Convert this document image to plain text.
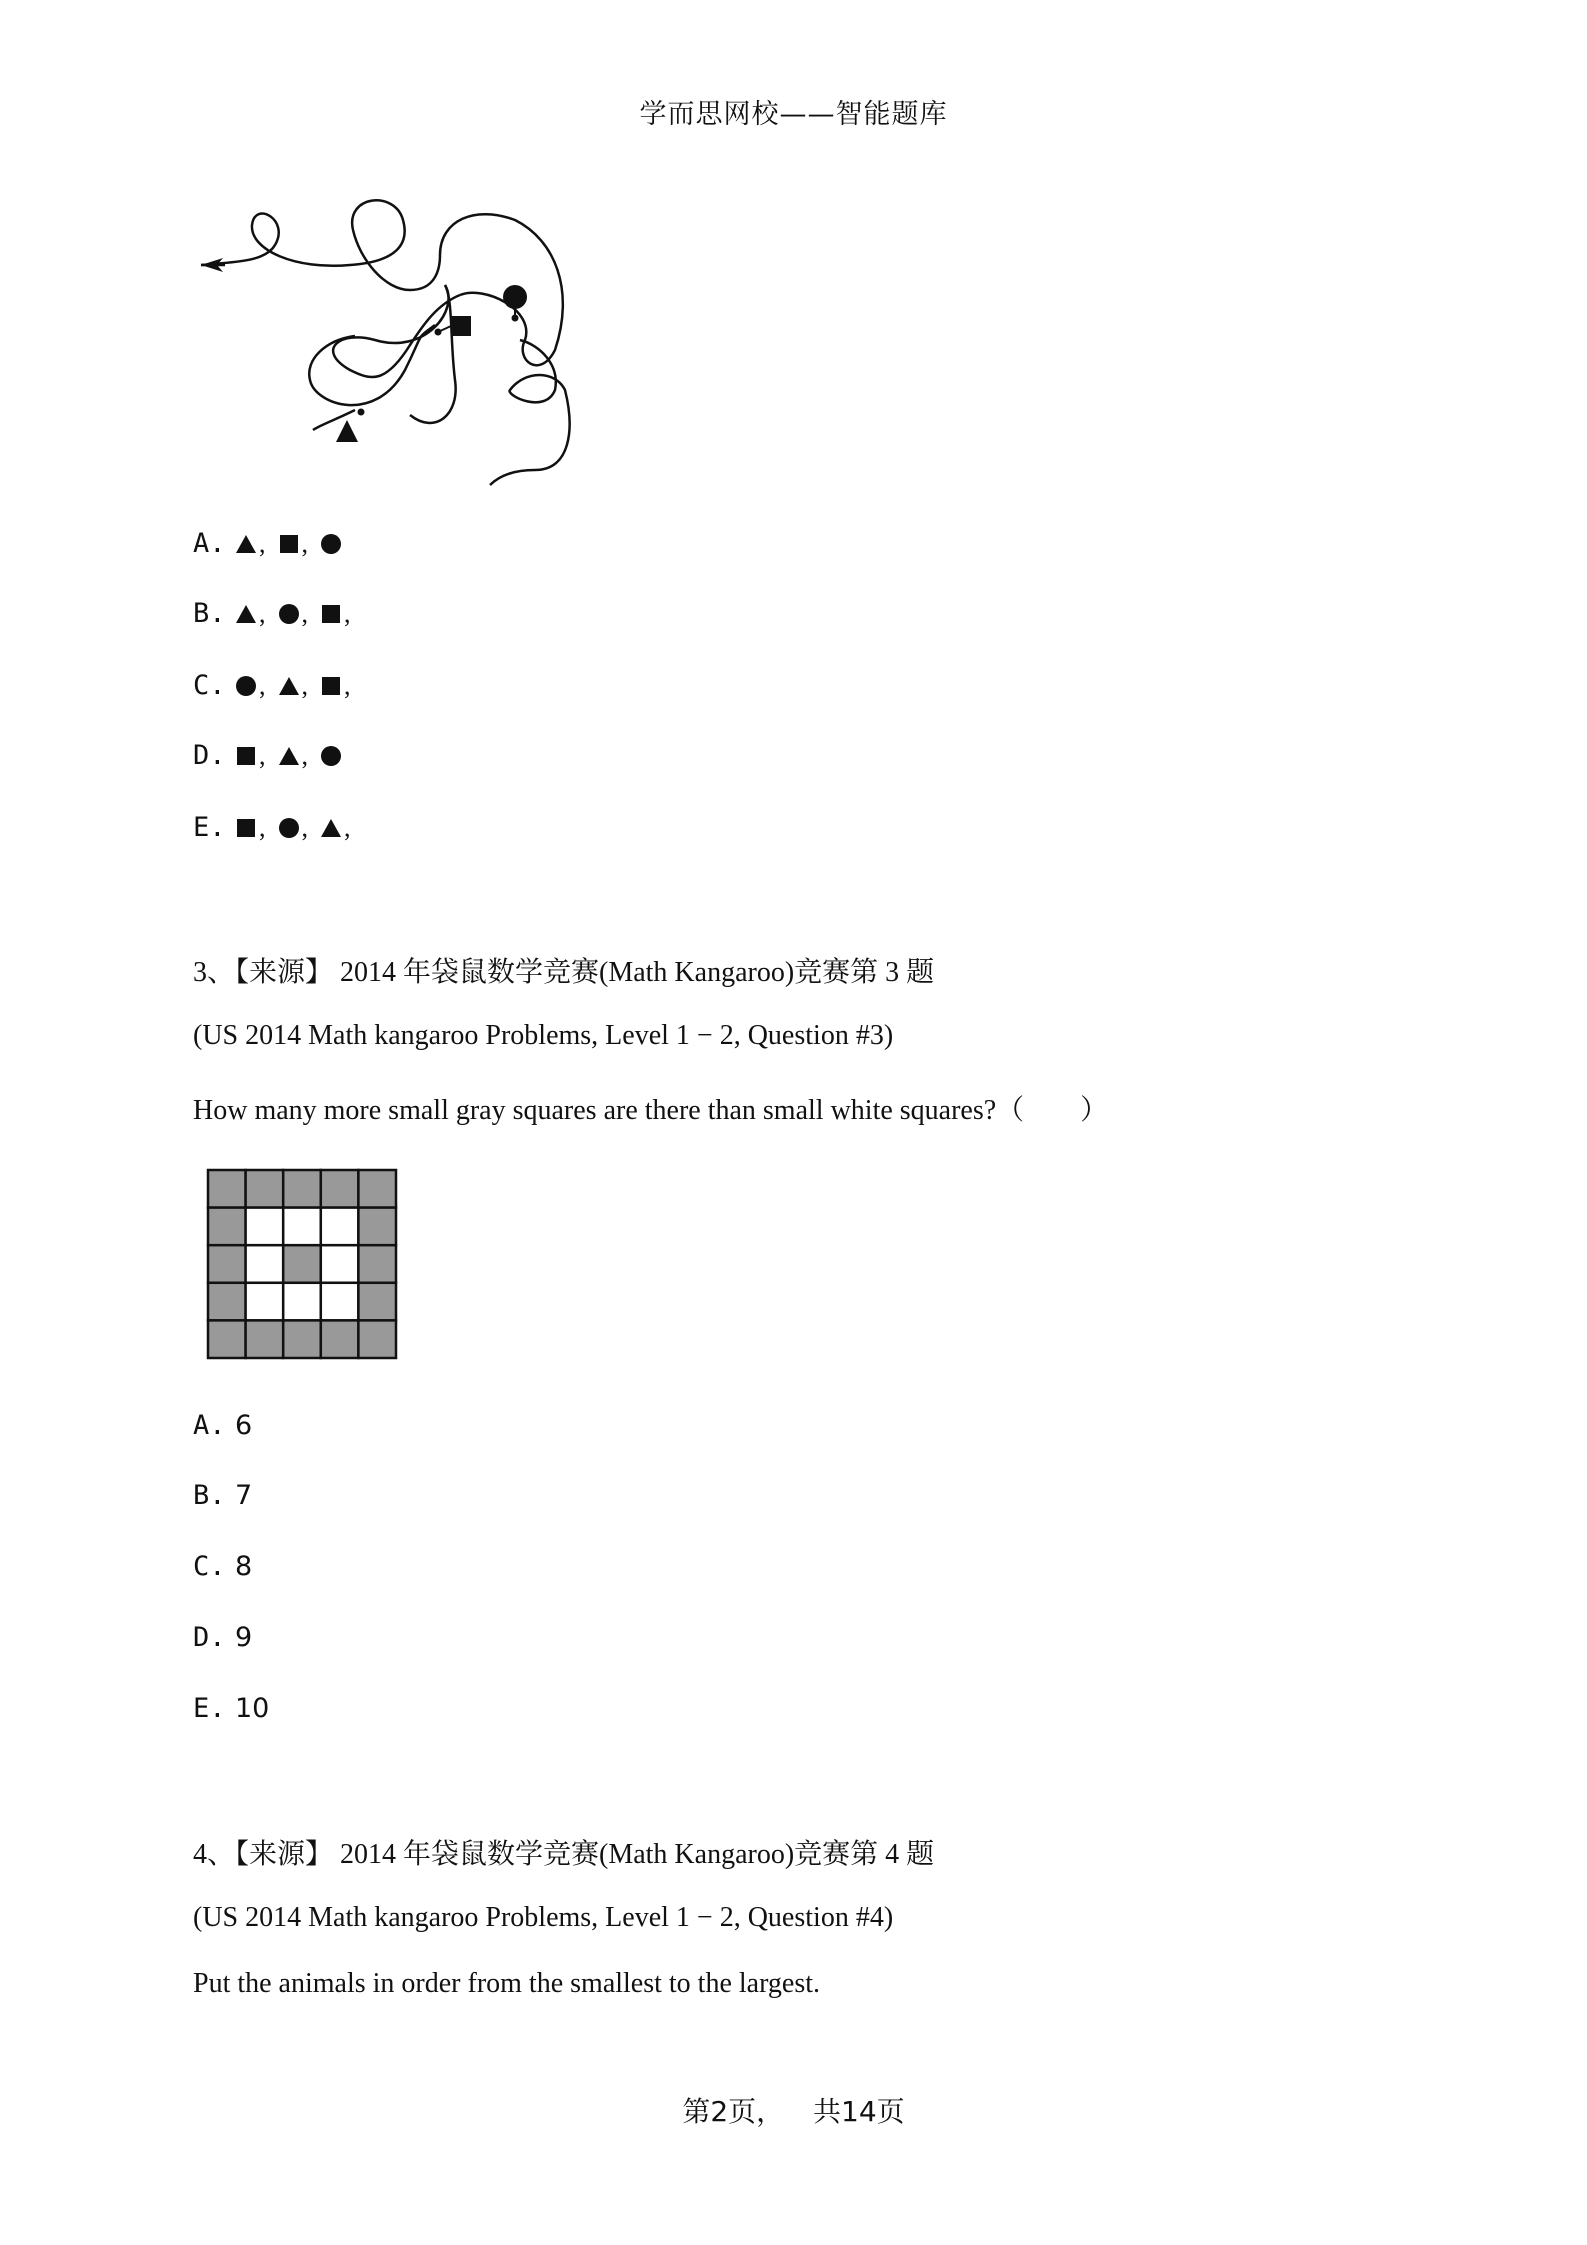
学而思网校——智能题库
A.	, ,
B.	, , ,
C.	, , ,
D.	, ,
E.	, , ,
3、【来源】 2014 年袋鼠数学竞赛(Math Kangaroo)竞赛第 3 题
(US 2014 Math kangaroo Problems, Level 1 − 2, Question #3)
How many more small gray squares are there than small white squares?（　　）
A. 6
B. 7
C. 8
D. 9
E. 10
4、【来源】 2014 年袋鼠数学竞赛(Math Kangaroo)竞赛第 4 题
(US 2014 Math kangaroo Problems, Level 1 − 2, Question #4)
Put the animals in order from the smallest to the largest.
第2页， 共14页
